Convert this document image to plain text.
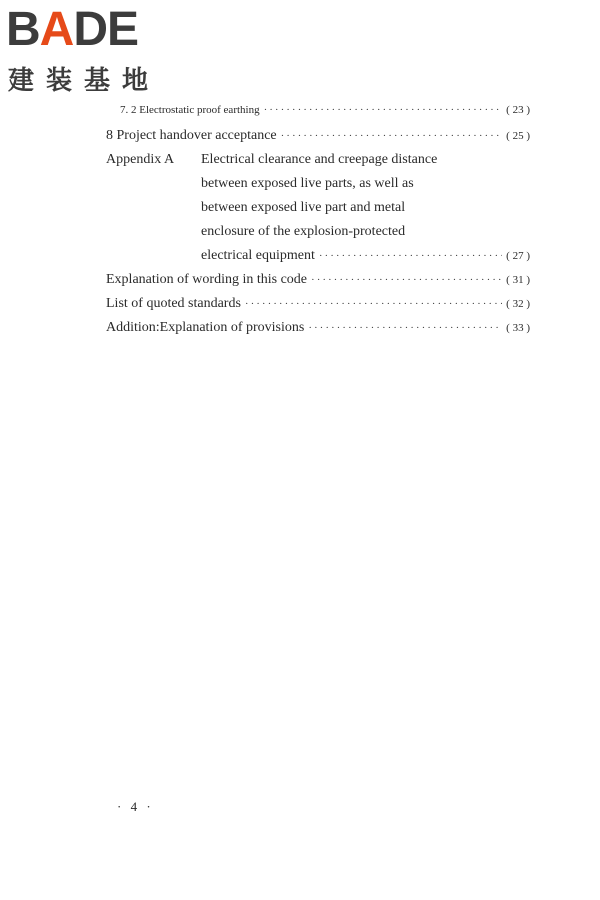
BADE
建装基地
7. 2 Electrostatic proof earthing ·····	( 23 )
8 Project handover acceptance ·····	( 25 )
Appendix A Electrical clearance and creepage distance
between exposed live parts, as well as
between exposed live part and metal
enclosure of the explosion-protected
electrical equipment ·····	( 27 )
Explanation of wording in this code ·····	( 31 )
List of quoted standards ·····	( 32 )
Addition:Explanation of provisions ·····	( 33 )
· 4 ·
